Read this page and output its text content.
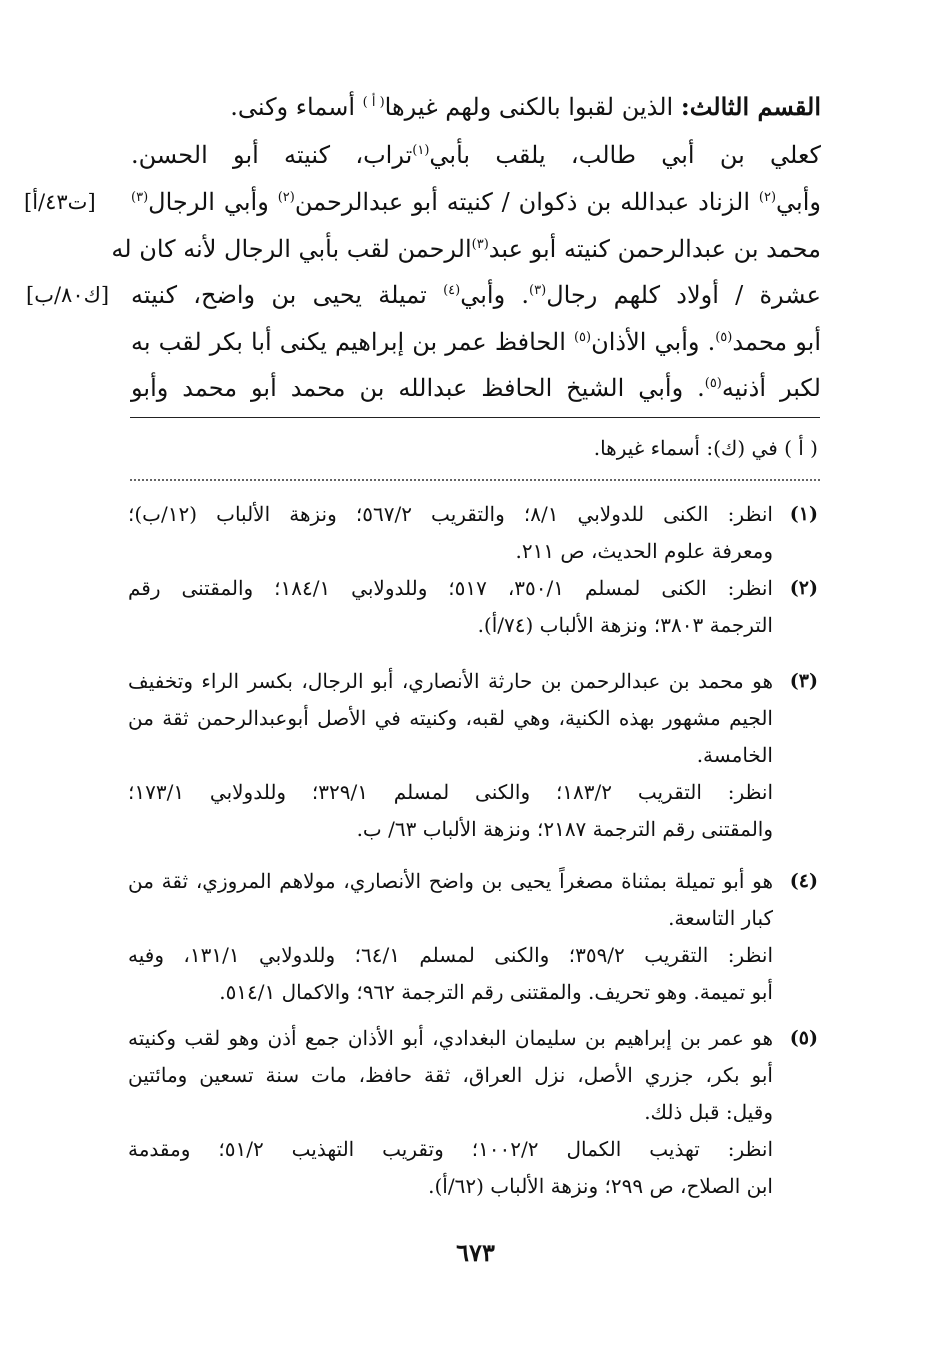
القسم الثالث: الذين لقبوا بالكنى ولهم غيرها$^{( أ )}$ أسماء وكنى.
كعلي بن أبي طالب، يلقب بأبي$^{(١)}$تراب، كنيته أبو الحسن.
وأبي$^{(٢)}$ الزناد عبدالله بن ذكوان / كنيته أبو عبدالرحمن$^{(٢)}$ وأبي الرجال$^{(٣)}$
[ت٤٣/أ]
محمد بن عبدالرحمن كنيته أبو عبد$^{(٣)}$الرحمن لقب بأبي الرجال لأنه كان له
عشرة / أولاد كلهم رجال$^{(٣)}$. وأبي$^{(٤)}$ تميلة يحيى بن واضح، كنيته
[ك٨٠/ب]
أبو محمد$^{(٥)}$. وأبي الأذان$^{(٥)}$ الحافظ عمر بن إبراهيم يكنى أبا بكر لقب به
لكبر أذنيه$^{(٥)}$. وأبي الشيخ الحافظ عبدالله بن محمد أبو محمد وأبو
( أ ) في (ك): أسماء غيرها.
(١)
انظر: الكنى للدولابي ٨/١؛ والتقريب ٥٦٧/٢؛ ونزهة الألباب (١٢/ب)؛
ومعرفة علوم الحديث، ص ٢١١.
(٢)
انظر: الكنى لمسلم ٣٥٠/١، ٥١٧؛ وللدولابي ١٨٤/١؛ والمقتنى رقم
الترجمة ٣٨٠٣؛ ونزهة الألباب (٧٤/أ).
(٣)
هو محمد بن عبدالرحمن بن حارثة الأنصاري، أبو الرجال، بكسر الراء وتخفيف
الجيم مشهور بهذه الكنية، وهي لقبه، وكنيته في الأصل أبوعبدالرحمن ثقة من
الخامسة.
انظر: التقريب ١٨٣/٢؛ والكنى لمسلم ٣٢٩/١؛ وللدولابي ١٧٣/١؛
والمقتنى رقم الترجمة ٢١٨٧؛ ونزهة الألباب ٦٣/ ب.
(٤)
هو أبو تميلة بمثناة مصغراً يحيى بن واضح الأنصاري، مولاهم المروزي، ثقة من
كبار التاسعة.
انظر: التقريب ٣٥٩/٢؛ والكنى لمسلم ٦٤/١؛ وللدولابي ١٣١/١، وفيه
أبو تميمة. وهو تحريف. والمقتنى رقم الترجمة ٩٦٢؛ والاكمال ٥١٤/١.
(٥)
هو عمر بن إبراهيم بن سليمان البغدادي، أبو الأذان جمع أذن وهو لقب وكنيته
أبو بكر، جزري الأصل، نزل العراق، ثقة حافظ، مات سنة تسعين ومائتين
وقيل: قبل ذلك.
انظر: تهذيب الكمال ١٠٠٢/٢؛ وتقريب التهذيب ٥١/٢؛ ومقدمة
ابن الصلاح، ص ٢٩٩؛ ونزهة الألباب (٦٢/أ).
٦٧٣
